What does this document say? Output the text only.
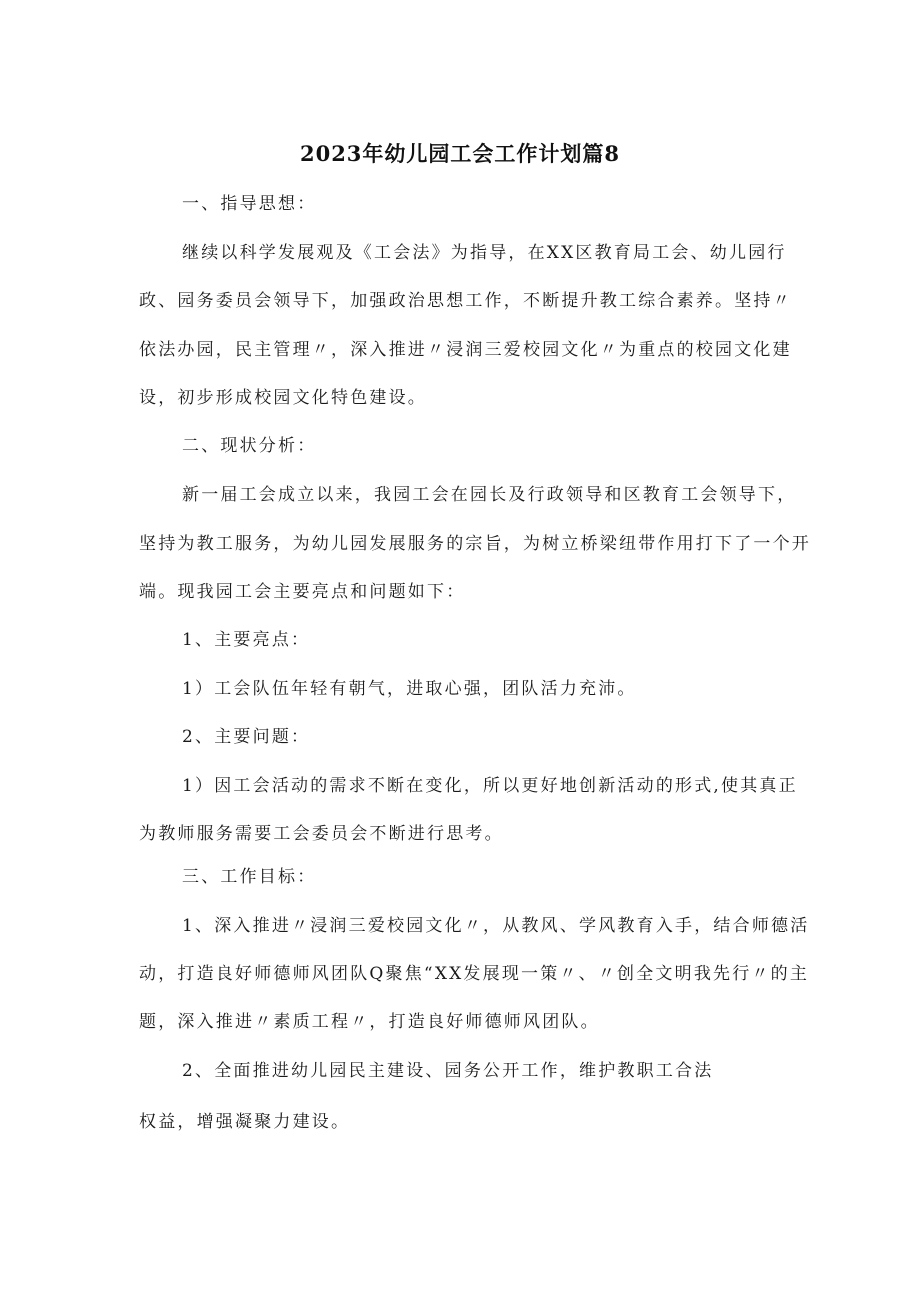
2023年幼儿园工会工作计划篇8
一、指导思想：
继续以科学发展观及《工会法》为指导，在XX区教育局工会、幼儿园行
政、园务委员会领导下，加强政治思想工作，不断提升教工综合素养。坚持〃
依法办园，民主管理〃，深入推进〃浸润三爱校园文化〃为重点的校园文化建
设，初步形成校园文化特色建设。
二、现状分析：
新一届工会成立以来，我园工会在园长及行政领导和区教育工会领导下，
坚持为教工服务，为幼儿园发展服务的宗旨，为树立桥梁纽带作用打下了一个开
端。现我园工会主要亮点和问题如下：
1、主要亮点：
1）工会队伍年轻有朝气，进取心强，团队活力充沛。
2、主要问题：
1）因工会活动的需求不断在变化，所以更好地创新活动的形式,使其真正
为教师服务需要工会委员会不断进行思考。
三、工作目标：
1、深入推进〃浸润三爱校园文化〃，从教风、学风教育入手，结合师德活
动，打造良好师德师风团队Q聚焦“XX发展现一策〃、〃创全文明我先行〃的主
题，深入推进〃素质工程〃，打造良好师德师风团队。
2、全面推进幼儿园民主建设、园务公开工作，维护教职工合法
权益，增强凝聚力建设。
